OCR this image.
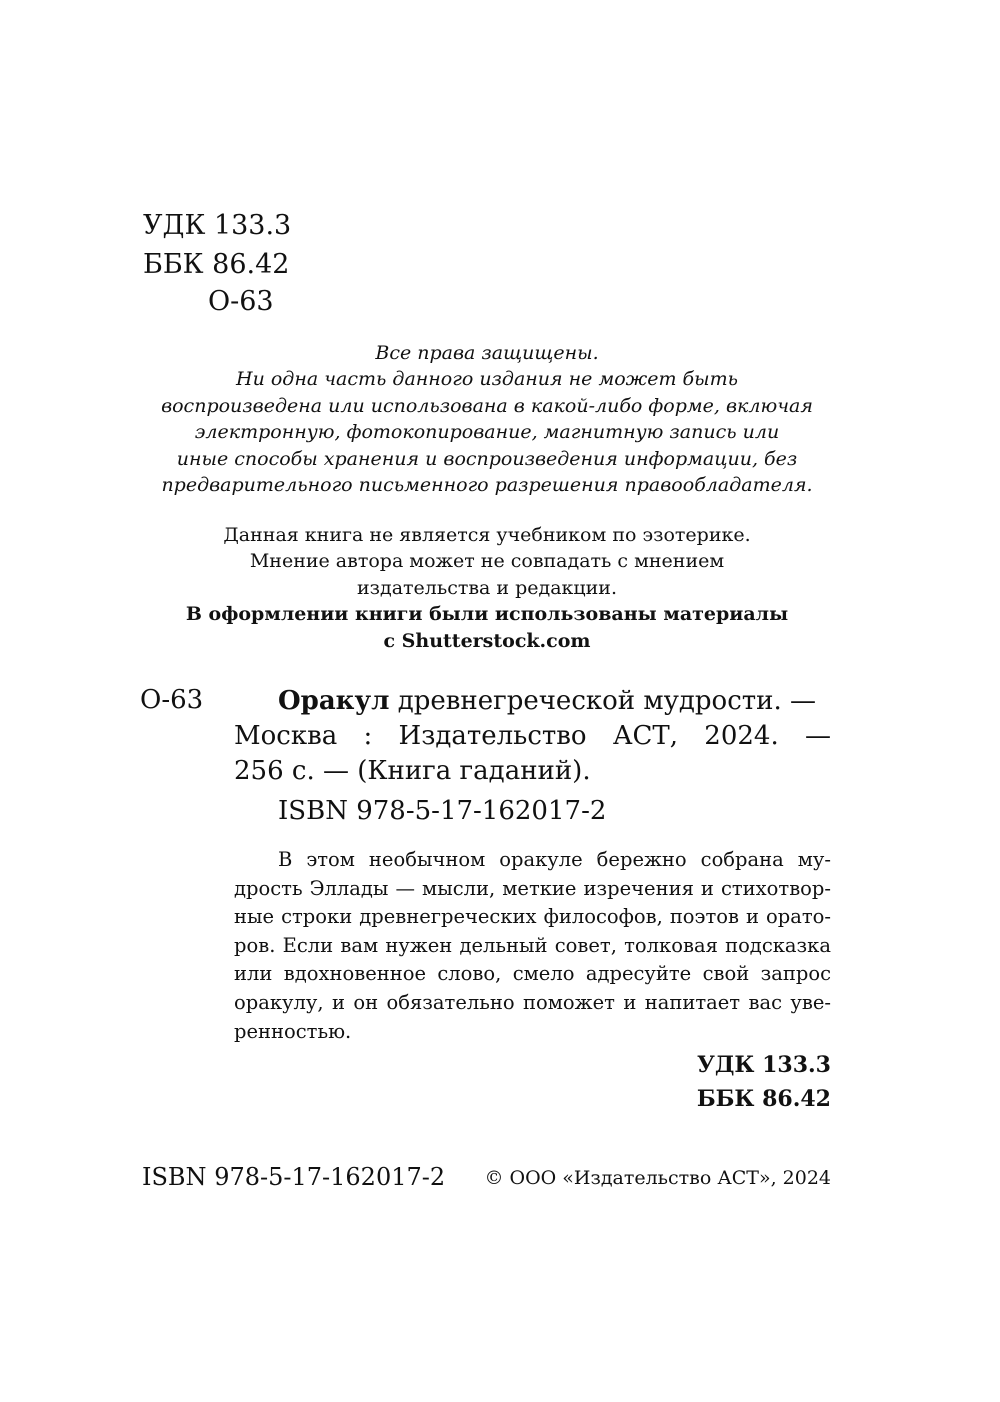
УДК 133.3
ББК 86.42
О-63
Все права защищены.
Ни одна часть данного издания не может быть
воспроизведена или использована в какой-либо форме, включая
электронную, фотокопирование, магнитную запись или
иные способы хранения и воспроизведения информации, без
предварительного письменного разрешения правообладателя.
Данная книга не является учебником по эзотерике.
Мнение автора может не совпадать с мнением
издательства и редакции.
В оформлении книги были использованы материалы
с Shutterstock.com
О-63	Оракул древнегреческой мудрости. —
Москва : Издательство АСТ, 2024. —
256 с. — (Книга гаданий).
ISBN 978-5-17-162017-2
В этом необычном оракуле бережно собрана му-
дрость Эллады — мысли, меткие изречения и стихотвор-
ные строки древнегреческих философов, поэтов и орато-
ров. Если вам нужен дельный совет, толковая подсказка
или вдохновенное слово, смело адресуйте свой запрос
оракулу, и он обязательно поможет и напитает вас уве-
ренностью.
УДК 133.3
ББК 86.42
ISBN 978-5-17-162017-2 © ООО «Издательство АСТ», 2024
